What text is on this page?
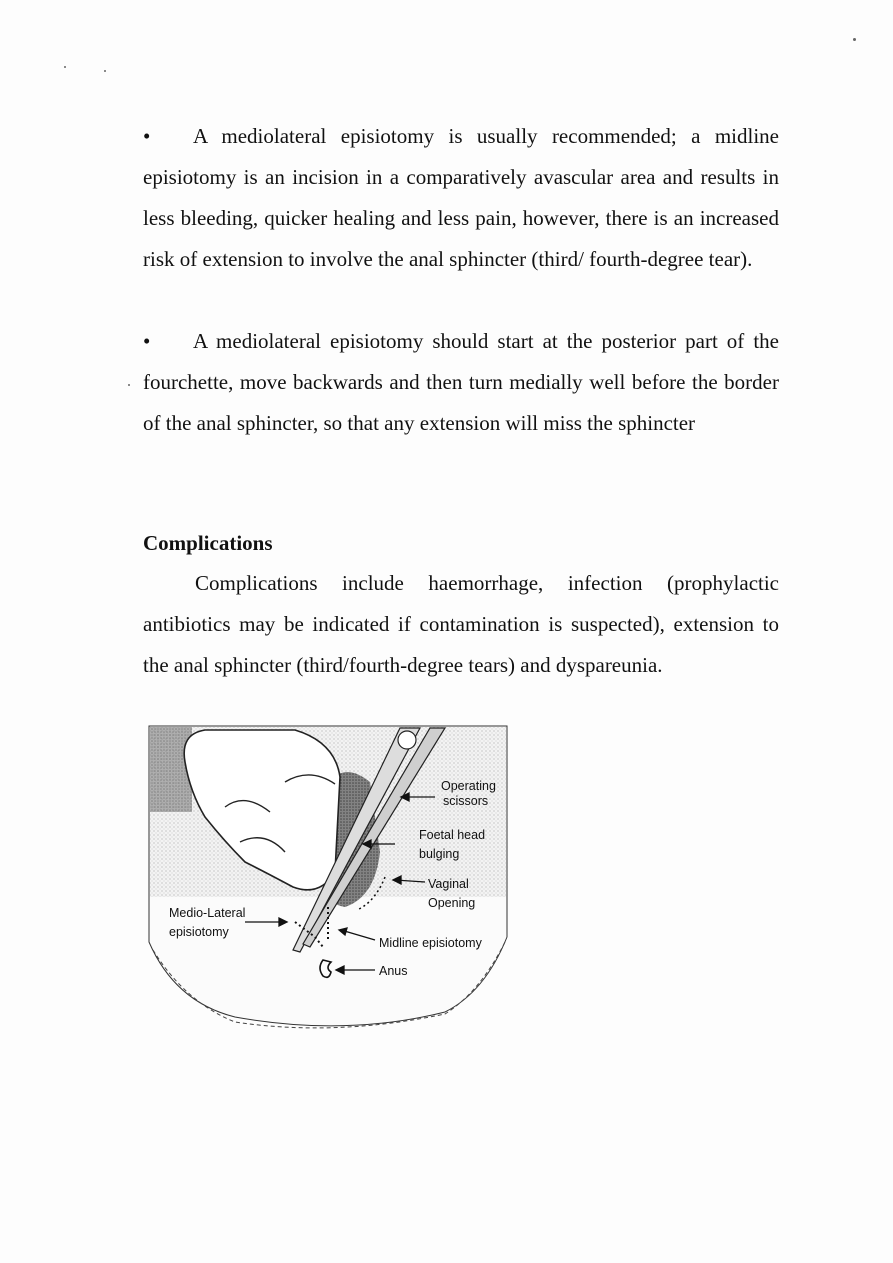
• A mediolateral episiotomy is usually recommended; a midline episiotomy is an incision in a comparatively avascular area and results in less bleeding, quicker healing and less pain, however, there is an increased risk of extension to involve the anal sphincter (third/ fourth-degree tear).

• A mediolateral episiotomy should start at the posterior part of the fourchette, move backwards and then turn medially well before the border of the anal sphincter, so that any extension will miss the sphincter

Complications

Complications include haemorrhage, infection (prophylactic antibiotics may be indicated if contamination is suspected), extension to the anal sphincter (third/fourth-degree tears) and dyspareunia.

Operating
scissors
Foetal head
bulging
Vaginal
Opening
Medio-Lateral
episiotomy
Midline episiotomy
Anus
